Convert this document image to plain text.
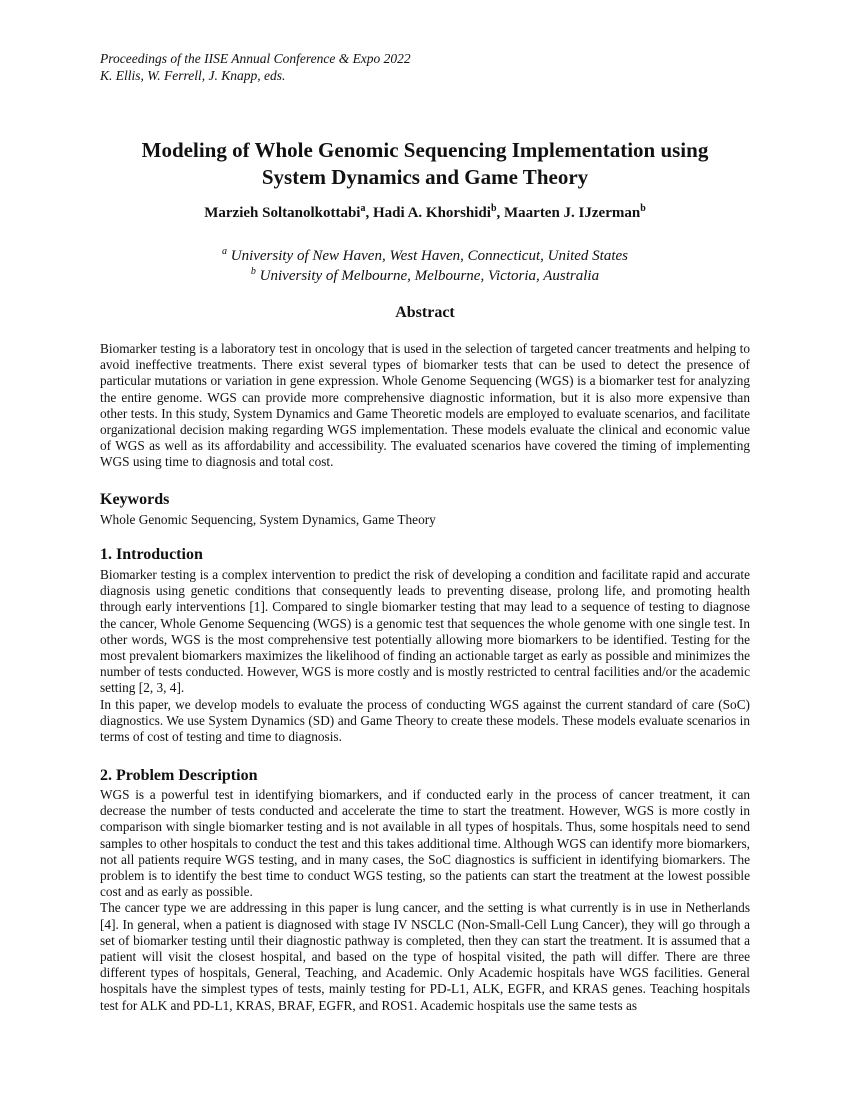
Proceedings of the IISE Annual Conference & Expo 2022
K. Ellis, W. Ferrell, J. Knapp, eds.
Modeling of Whole Genomic Sequencing Implementation using
System Dynamics and Game Theory
Marzieh Soltanolkottabi$^a$, Hadi A. Khorshidi$^b$, Maarten J. IJzerman$^b$
$^a$ University of New Haven, West Haven, Connecticut, United States
$^b$ University of Melbourne, Melbourne, Victoria, Australia
Abstract
Biomarker testing is a laboratory test in oncology that is used in the selection of targeted cancer treatments and helping to avoid ineffective treatments. There exist several types of biomarker tests that can be used to detect the presence of particular mutations or variation in gene expression. Whole Genome Sequencing (WGS) is a biomarker test for analyzing the entire genome. WGS can provide more comprehensive diagnostic information, but it is also more expensive than other tests. In this study, System Dynamics and Game Theoretic models are employed to evaluate scenarios, and facilitate organizational decision making regarding WGS implementation. These models evaluate the clinical and economic value of WGS as well as its affordability and accessibility. The evaluated scenarios have covered the timing of implementing WGS using time to diagnosis and total cost.
Keywords
Whole Genomic Sequencing, System Dynamics, Game Theory
1. Introduction

Biomarker testing is a complex intervention to predict the risk of developing a condition and facilitate rapid and accurate diagnosis using genetic conditions that consequently leads to preventing disease, prolong life, and promoting health through early interventions [1]. Compared to single biomarker testing that may lead to a sequence of testing to diagnose the cancer, Whole Genome Sequencing (WGS) is a genomic test that sequences the whole genome with one single test. In other words, WGS is the most comprehensive test potentially allowing more biomarkers to be identified. Testing for the most prevalent biomarkers maximizes the likelihood of finding an actionable target as early as possible and minimizes the number of tests conducted. However, WGS is more costly and is mostly restricted to central facilities and/or the academic setting [2, 3, 4].

In this paper, we develop models to evaluate the process of conducting WGS against the current standard of care (SoC) diagnostics. We use System Dynamics (SD) and Game Theory to create these models. These models evaluate scenarios in terms of cost of testing and time to diagnosis.

2. Problem Description

WGS is a powerful test in identifying biomarkers, and if conducted early in the process of cancer treatment, it can decrease the number of tests conducted and accelerate the time to start the treatment. However, WGS is more costly in comparison with single biomarker testing and is not available in all types of hospitals. Thus, some hospitals need to send samples to other hospitals to conduct the test and this takes additional time. Although WGS can identify more biomarkers, not all patients require WGS testing, and in many cases, the SoC diagnostics is sufficient in identifying biomarkers. The problem is to identify the best time to conduct WGS testing, so the patients can start the treatment at the lowest possible cost and as early as possible.

The cancer type we are addressing in this paper is lung cancer, and the setting is what currently is in use in Netherlands [4]. In general, when a patient is diagnosed with stage IV NSCLC (Non-Small-Cell Lung Cancer), they will go through a set of biomarker testing until their diagnostic pathway is completed, then they can start the treatment. It is assumed that a patient will visit the closest hospital, and based on the type of hospital visited, the path will differ. There are three different types of hospitals, General, Teaching, and Academic. Only Academic hospitals have WGS facilities. General hospitals have the simplest types of tests, mainly testing for PD-L1, ALK, EGFR, and KRAS genes. Teaching hospitals test for ALK and PD-L1, KRAS, BRAF, EGFR, and ROS1. Academic hospitals use the same tests as
